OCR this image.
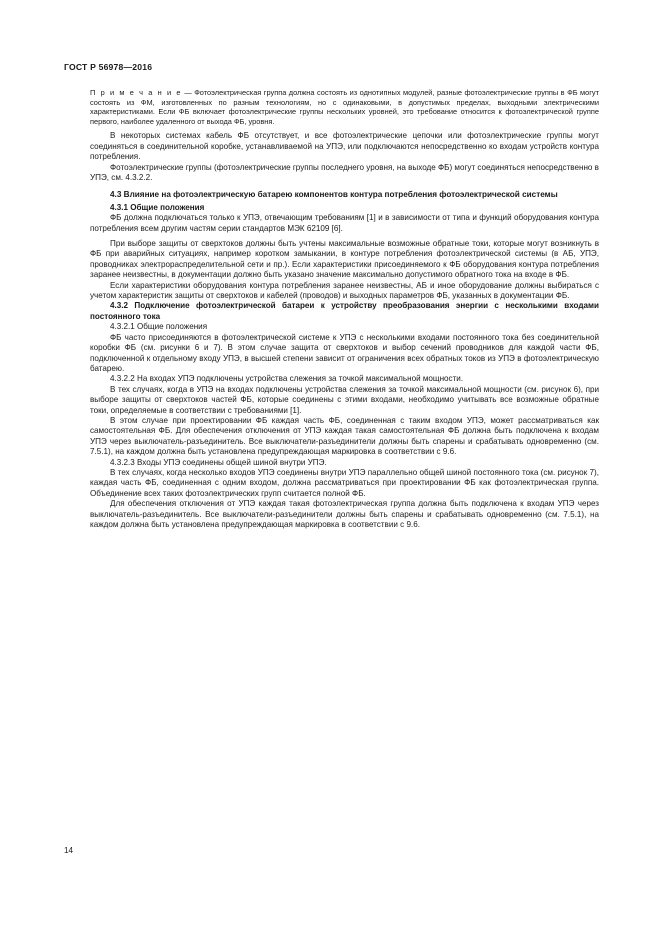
ГОСТ Р 56978—2016
П р и м е ч а н и е — Фотоэлектрическая группа должна состоять из однотипных модулей, разные фотоэлектрические группы в ФБ могут состоять из ФМ, изготовленных по разным технологиям, но с одинаковыми, в допустимых пределах, выходными электрическими характеристиками. Если ФБ включает фотоэлектрические группы нескольких уровней, это требование относится к фотоэлектрической группе первого, наиболее удаленного от выхода ФБ, уровня.

В некоторых системах кабель ФБ отсутствует, и все фотоэлектрические цепочки или фотоэлектрические группы могут соединяться в соединительной коробке, устанавливаемой на УПЭ, или подключаются непосредственно ко входам устройств контура потребления.

Фотоэлектрические группы (фотоэлектрические группы последнего уровня, на выходе ФБ) могут соединяться непосредственно в УПЭ, см. 4.3.2.2.

4.3 Влияние на фотоэлектрическую батарею компонентов контура потребления фотоэлектрической системы

4.3.1 Общие положения

ФБ должна подключаться только к УПЭ, отвечающим требованиям [1] и в зависимости от типа и функций оборудования контура потребления всем другим частям серии стандартов МЭК 62109 [6].

При выборе защиты от сверхтоков должны быть учтены максимальные возможные обратные токи, которые могут возникнуть в ФБ при аварийных ситуациях, например коротком замыкании, в контуре потребления фотоэлектрической системы (в АБ, УПЭ, проводниках электрораспределительной сети и пр.). Если характеристики присоединяемого к ФБ оборудования контура потребления заранее неизвестны, в документации должно быть указано значение максимально допустимого обратного тока на входе в ФБ.

Если характеристики оборудования контура потребления заранее неизвестны, АБ и иное оборудование должны выбираться с учетом характеристик защиты от сверхтоков и кабелей (проводов) и выходных параметров ФБ, указанных в документации ФБ.

4.3.2 Подключение фотоэлектрической батареи к устройству преобразования энергии с несколькими входами постоянного тока

4.3.2.1 Общие положения

ФБ часто присоединяются в фотоэлектрической системе к УПЭ с несколькими входами постоянного тока без соединительной коробки ФБ (см. рисунки 6 и 7). В этом случае защита от сверхтоков и выбор сечений проводников для каждой части ФБ, подключенной к отдельному входу УПЭ, в высшей степени зависит от ограничения всех обратных токов из УПЭ в фотоэлектрическую батарею.

4.3.2.2 На входах УПЭ подключены устройства слежения за точкой максимальной мощности.

В тех случаях, когда в УПЭ на входах подключены устройства слежения за точкой максимальной мощности (см. рисунок 6), при выборе защиты от сверхтоков частей ФБ, которые соединены с этими входами, необходимо учитывать все возможные обратные токи, определяемые в соответствии с требованиями [1].

В этом случае при проектировании ФБ каждая часть ФБ, соединенная с таким входом УПЭ, может рассматриваться как самостоятельная ФБ. Для обеспечения отключения от УПЭ каждая такая самостоятельная ФБ должна быть подключена к входам УПЭ через выключатель-разъединитель. Все выключатели-разъединители должны быть спарены и срабатывать одновременно (см. 7.5.1), на каждом должна быть установлена предупреждающая маркировка в соответствии с 9.6.

4.3.2.3 Входы УПЭ соединены общей шиной внутри УПЭ.

В тех случаях, когда несколько входов УПЭ соединены внутри УПЭ параллельно общей шиной постоянного тока (см. рисунок 7), каждая часть ФБ, соединенная с одним входом, должна рассматриваться при проектировании ФБ как фотоэлектрическая группа. Объединение всех таких фотоэлектрических групп считается полной ФБ.

Для обеспечения отключения от УПЭ каждая такая фотоэлектрическая группа должна быть подключена к входам УПЭ через выключатель-разъединитель. Все выключатели-разъединители должны быть спарены и срабатывать одновременно (см. 7.5.1), на каждом должна быть установлена предупреждающая маркировка в соответствии с 9.6.

14
